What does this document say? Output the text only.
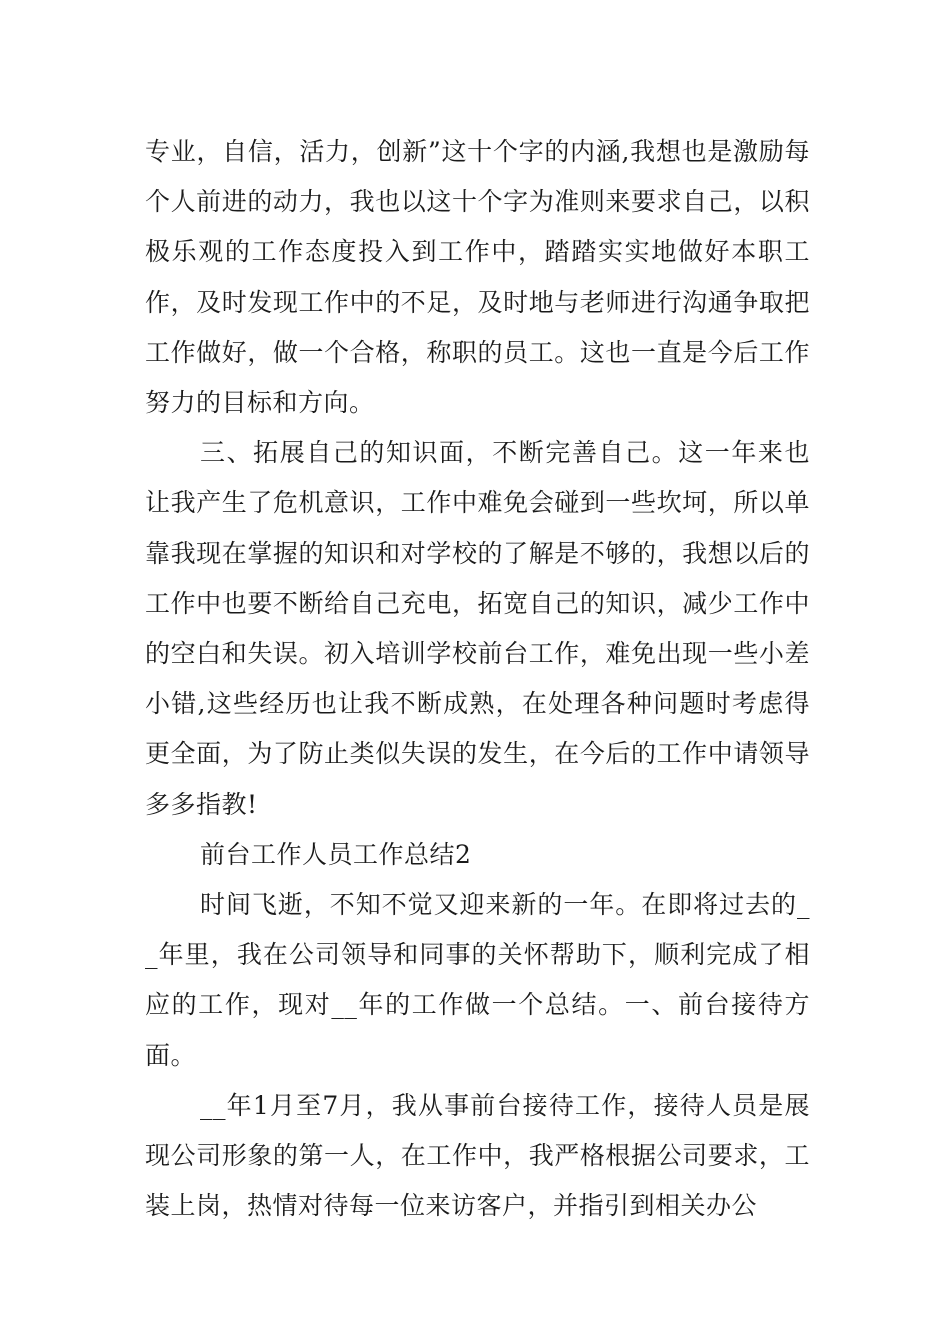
专业，自信，活力，创新”这十个字的内涵,我想也是激励每个人前进的动力，我也以这十个字为准则来要求自己，以积极乐观的工作态度投入到工作中，踏踏实实地做好本职工作，及时发现工作中的不足，及时地与老师进行沟通争取把工作做好，做一个合格，称职的员工。这也一直是今后工作努力的目标和方向。

三、拓展自己的知识面，不断完善自己。这一年来也让我产生了危机意识，工作中难免会碰到一些坎坷，所以单靠我现在掌握的知识和对学校的了解是不够的，我想以后的工作中也要不断给自己充电，拓宽自己的知识，减少工作中的空白和失误。初入培训学校前台工作，难免出现一些小差小错,这些经历也让我不断成熟，在处理各种问题时考虑得更全面，为了防止类似失误的发生，在今后的工作中请领导多多指教!

前台工作人员工作总结2

时间飞逝，不知不觉又迎来新的一年。在即将过去的__年里，我在公司领导和同事的关怀帮助下，顺利完成了相应的工作，现对__年的工作做一个总结。一、前台接待方面。

__年1月至7月，我从事前台接待工作，接待人员是展现公司形象的第一人，在工作中，我严格根据公司要求，工装上岗，热情对待每一位来访客户，并指引到相关办公
